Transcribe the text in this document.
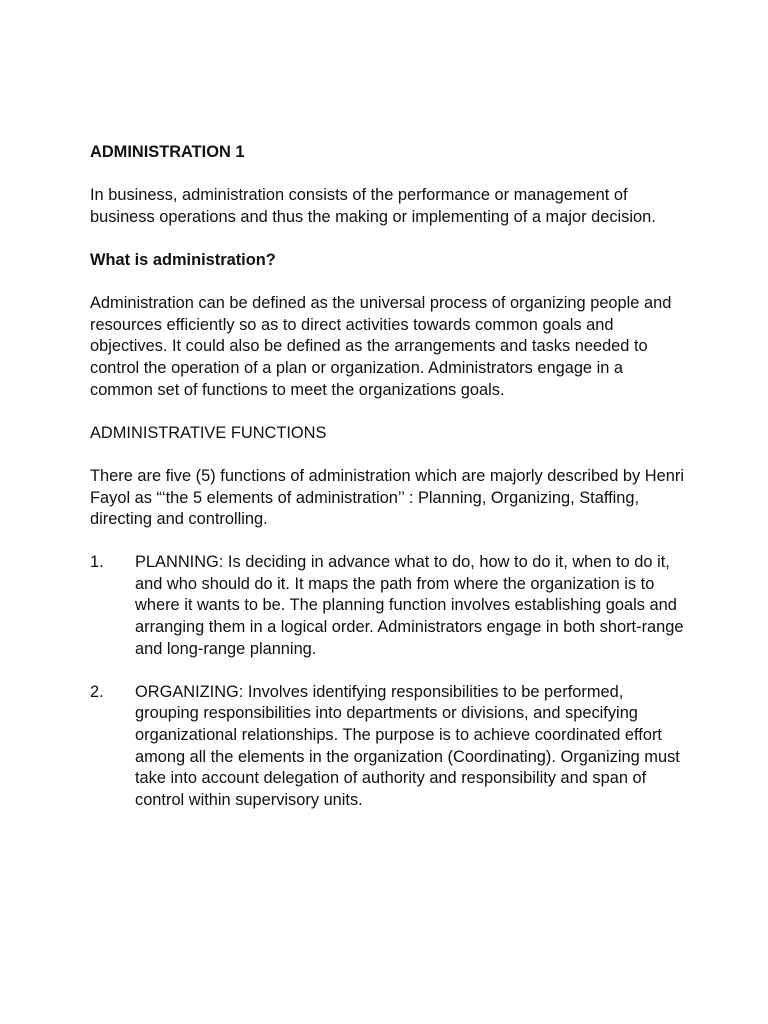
ADMINISTRATION 1
In business, administration consists of the performance or management of business operations and thus the making or implementing of a major decision.
What is administration?
Administration can be defined as the universal process of organizing people and resources efficiently so as to direct activities towards common goals and objectives. It could also be defined as the arrangements and tasks needed to control the operation of a plan or organization. Administrators engage in a common set of functions to meet the organizations goals.
ADMINISTRATIVE FUNCTIONS
There are five (5) functions of administration which are majorly described by Henri Fayol as “‘the 5 elements of administration’’ : Planning, Organizing, Staffing, directing and controlling.
1.	PLANNING: Is deciding in advance what to do, how to do it, when to do it, and who should do it. It maps the path from where the organization is to where it wants to be. The planning function involves establishing goals and arranging them in a logical order. Administrators engage in both short-range and long-range planning.
2.	ORGANIZING: Involves identifying responsibilities to be performed, grouping responsibilities into departments or divisions, and specifying organizational relationships. The purpose is to achieve coordinated effort among all the elements in the organization (Coordinating). Organizing must take into account delegation of authority and responsibility and span of control within supervisory units.
